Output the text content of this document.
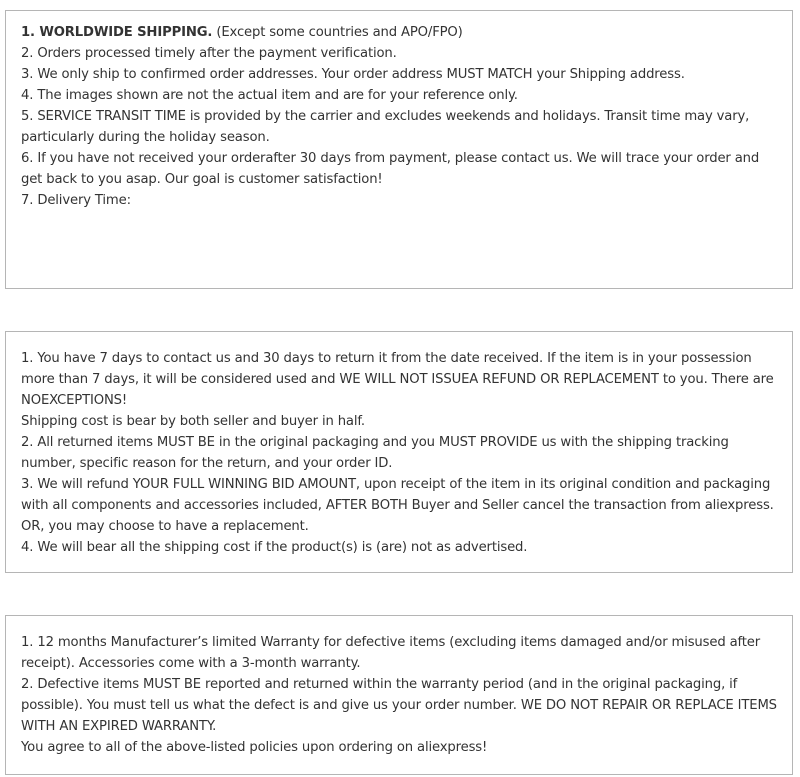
1. WORLDWIDE SHIPPING. (Except some countries and APO/FPO)

2. Orders processed timely after the payment verification.

3. We only ship to confirmed order addresses. Your order address MUST MATCH your Shipping address.

4. The images shown are not the actual item and are for your reference only.

5. SERVICE TRANSIT TIME is provided by the carrier and excludes weekends and holidays. Transit time may vary, particularly during the holiday season.

6. If you have not received your orderafter 30 days from payment, please contact us. We will trace your order and get back to you asap. Our goal is customer satisfaction!

7. Delivery Time:

1. You have 7 days to contact us and 30 days to return it from the date received. If the item is in your possession more than 7 days, it will be considered used and WE WILL NOT ISSUEA REFUND OR REPLACEMENT to you. There are NOEXCEPTIONS!

Shipping cost is bear by both seller and buyer in half.

2. All returned items MUST BE in the original packaging and you MUST PROVIDE us with the shipping tracking number, specific reason for the return, and your order ID.

3. We will refund YOUR FULL WINNING BID AMOUNT, upon receipt of the item in its original condition and packaging with all components and accessories included, AFTER BOTH Buyer and Seller cancel the transaction from aliexpress. OR, you may choose to have a replacement.

4. We will bear all the shipping cost if the product(s) is (are) not as advertised.

1. 12 months Manufacturer’s limited Warranty for defective items (excluding items damaged and/or misused after receipt). Accessories come with a 3-month warranty.

2. Defective items MUST BE reported and returned within the warranty period (and in the original packaging, if possible). You must tell us what the defect is and give us your order number. WE DO NOT REPAIR OR REPLACE ITEMS WITH AN EXPIRED WARRANTY.

You agree to all of the above-listed policies upon ordering on aliexpress!
